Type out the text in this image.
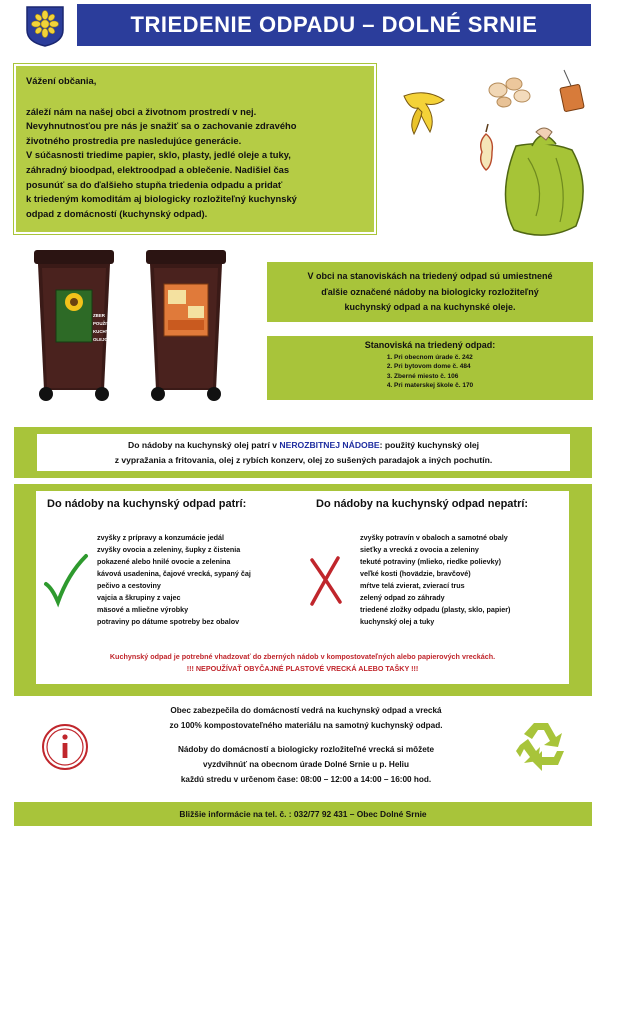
TRIEDENIE ODPADU – DOLNÉ SRNIE
Vážení občania,
záleží nám na našej obci a životnom prostredí v nej.
Nevyhnutnosťou pre nás je snažiť sa o zachovanie zdravého
životného prostredia pre nasledujúce generácie.
V súčasnosti triedime papier, sklo, plasty, jedlé oleje a tuky,
záhradný bioodpad, elektroodpad a oblečenie. Nadišiel čas
posunúť sa do ďalšieho stupňa triedenia odpadu a pridať
k triedeným komoditám aj biologicky rozložiteľný kuchynský
odpad z domácností (kuchynský odpad).
ZBER
POUŽITÝCH
KUCHYNSKÝCH
OLEJOV
V obci na stanoviskách na triedený odpad sú umiestnené
ďalšie označené nádoby na biologicky rozložiteľný
kuchynský odpad a na kuchynské oleje.
Stanoviská na triedený odpad:
1. Pri obecnom úrade č. 242
2. Pri bytovom dome č. 484
3. Zberné miesto č. 106
4. Pri materskej škole č. 170
Do nádoby na kuchynský olej patrí v NEROZBITNEJ NÁDOBE: použitý kuchynský olej
z vypražania a fritovania, olej z rybích konzerv, olej zo sušených paradajok a iných pochutín.
Do nádoby na kuchynský odpad patrí:	Do nádoby na kuchynský odpad nepatrí:
zvyšky z prípravy a konzumácie jedál
zvyšky ovocia a zeleniny, šupky z čistenia
pokazené alebo hnilé ovocie a zelenina
kávová usadenina, čajové vrecká, sypaný čaj
pečivo a cestoviny
vajcia a škrupiny z vajec
mäsové a mliečne výrobky
potraviny po dátume spotreby bez obalov
zvyšky potravín v obaloch a samotné obaly
sieťky a vrecká z ovocia a zeleniny
tekuté potraviny (mlieko, riedke polievky)
veľké kosti (hovädzie, bravčové)
mŕtve telá zvierat, zvierací trus
zelený odpad zo záhrady
triedené zložky odpadu (plasty, sklo, papier)
kuchynský olej a tuky
Kuchynský odpad je potrebné vhadzovať do zberných nádob v kompostovateľných alebo papierových vreckách.
!!! NEPOUŽÍVAŤ OBYČAJNÉ PLASTOVÉ VRECKÁ ALEBO TAŠKY !!!
Obec zabezpečila do domácností vedrá na kuchynský odpad a vrecká
zo 100% kompostovateľného materiálu na samotný kuchynský odpad.
Nádoby do domácností a biologicky rozložiteľné vrecká si môžete
vyzdvihnúť na obecnom úrade Dolné Srnie u p. Heliu
každú stredu v určenom čase: 08:00 – 12:00 a 14:00 – 16:00 hod.
Bližšie informácie na tel. č. : 032/77 92 431 – Obec Dolné Srnie
